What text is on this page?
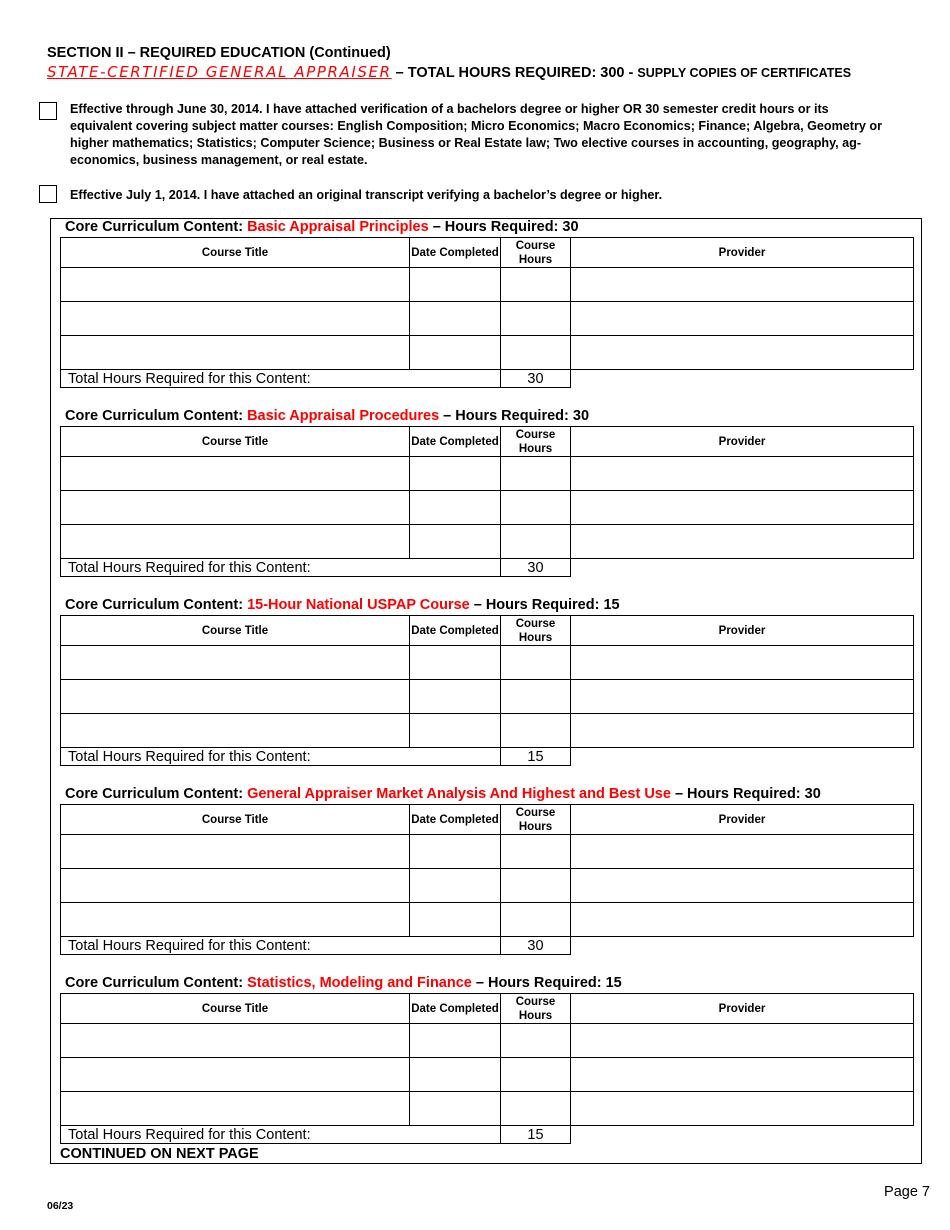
SECTION II – REQUIRED EDUCATION (Continued)
STATE-CERTIFIED GENERAL APPRAISER – TOTAL HOURS REQUIRED: 300 - SUPPLY COPIES OF CERTIFICATES
Effective through June 30, 2014. I have attached verification of a bachelors degree or higher OR 30 semester credit hours or its equivalent covering subject matter courses: English Composition; Micro Economics; Macro Economics; Finance; Algebra, Geometry or higher mathematics; Statistics; Computer Science; Business or Real Estate law; Two elective courses in accounting, geography, ag-economics, business management, or real estate.
Effective July 1, 2014. I have attached an original transcript verifying a bachelor’s degree or higher.
Core Curriculum Content: Basic Appraisal Principles – Hours Required: 30
Course Title	Date Completed	Course Hours	Provider

Total Hours Required for this Content:		30	
Core Curriculum Content: Basic Appraisal Procedures – Hours Required: 30
Course Title	Date Completed	Course Hours	Provider

Total Hours Required for this Content:		30	
Core Curriculum Content: 15-Hour National USPAP Course – Hours Required: 15
Course Title	Date Completed	Course Hours	Provider

Total Hours Required for this Content:		15	
Core Curriculum Content: General Appraiser Market Analysis And Highest and Best Use – Hours Required: 30
Course Title	Date Completed	Course Hours	Provider

Total Hours Required for this Content:		30	
Core Curriculum Content: Statistics, Modeling and Finance – Hours Required: 15
Course Title	Date Completed	Course Hours	Provider

Total Hours Required for this Content:		15	
CONTINUED ON NEXT PAGE
Page 7
06/23
